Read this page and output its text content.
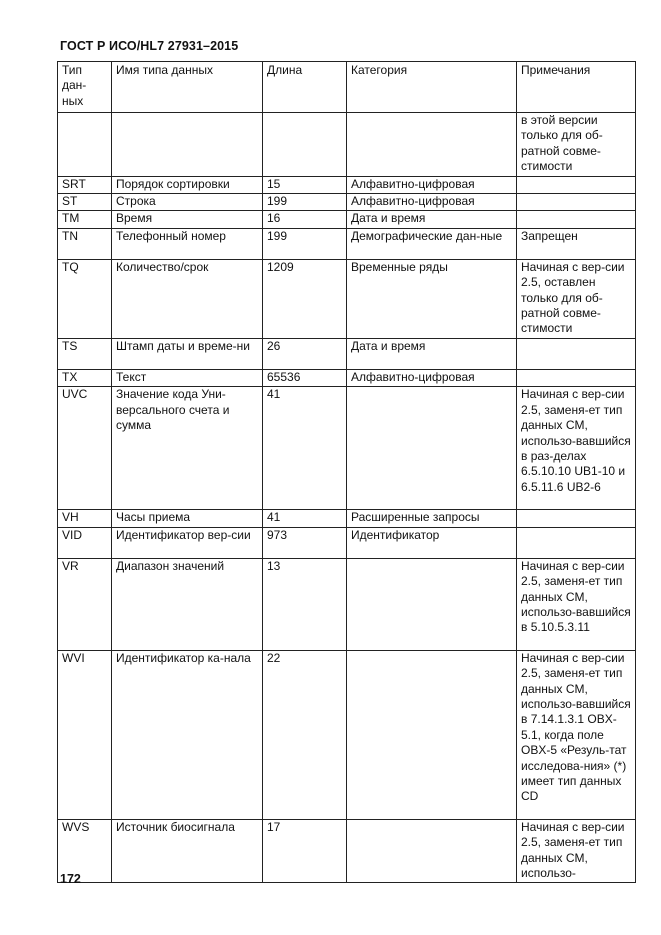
ГОСТ Р ИСО/HL7 27931–2015
Тип
дан-
ных	Имя типа данных	Длина	Категория	Примечания
				в этой версии только для об-ратной совме-стимости
SRT	Порядок сортировки	15	Алфавитно-цифровая	
ST	Строка	199	Алфавитно-цифровая	
TM	Время	16	Дата и время	
TN	Телефонный номер	199	Демографические дан-ные	Запрещен
TQ	Количество/срок	1209	Временные ряды	Начиная с вер-сии 2.5, оставлен только для об-ратной совме-стимости
TS	Штамп даты и време-ни	26	Дата и время	
TX	Текст	65536	Алфавитно-цифровая	
UVC	Значение кода Уни-версального счета и сумма	41		Начиная с вер-сии 2.5, заменя-ет тип данных CM, использо-вавшийся в раз-делах 6.5.10.10 UB1-10 и 6.5.11.6 UB2-6
VH	Часы приема	41	Расширенные запросы	
VID	Идентификатор вер-сии	973	Идентификатор	
VR	Диапазон значений	13		Начиная с вер-сии 2.5, заменя-ет тип данных CM, использо-вавшийся в 5.10.5.3.11
WVI	Идентификатор ка-нала	22		Начиная с вер-сии 2.5, заменя-ет тип данных CM, использо-вавшийся в 7.14.1.3.1 OBX-5.1, когда поле OBX-5 «Резуль-тат исследова-ния» (*) имеет тип данных CD
WVS	Источник биосигнала	17		Начиная с вер-сии 2.5, заменя-ет тип данных CM, использо-
172
